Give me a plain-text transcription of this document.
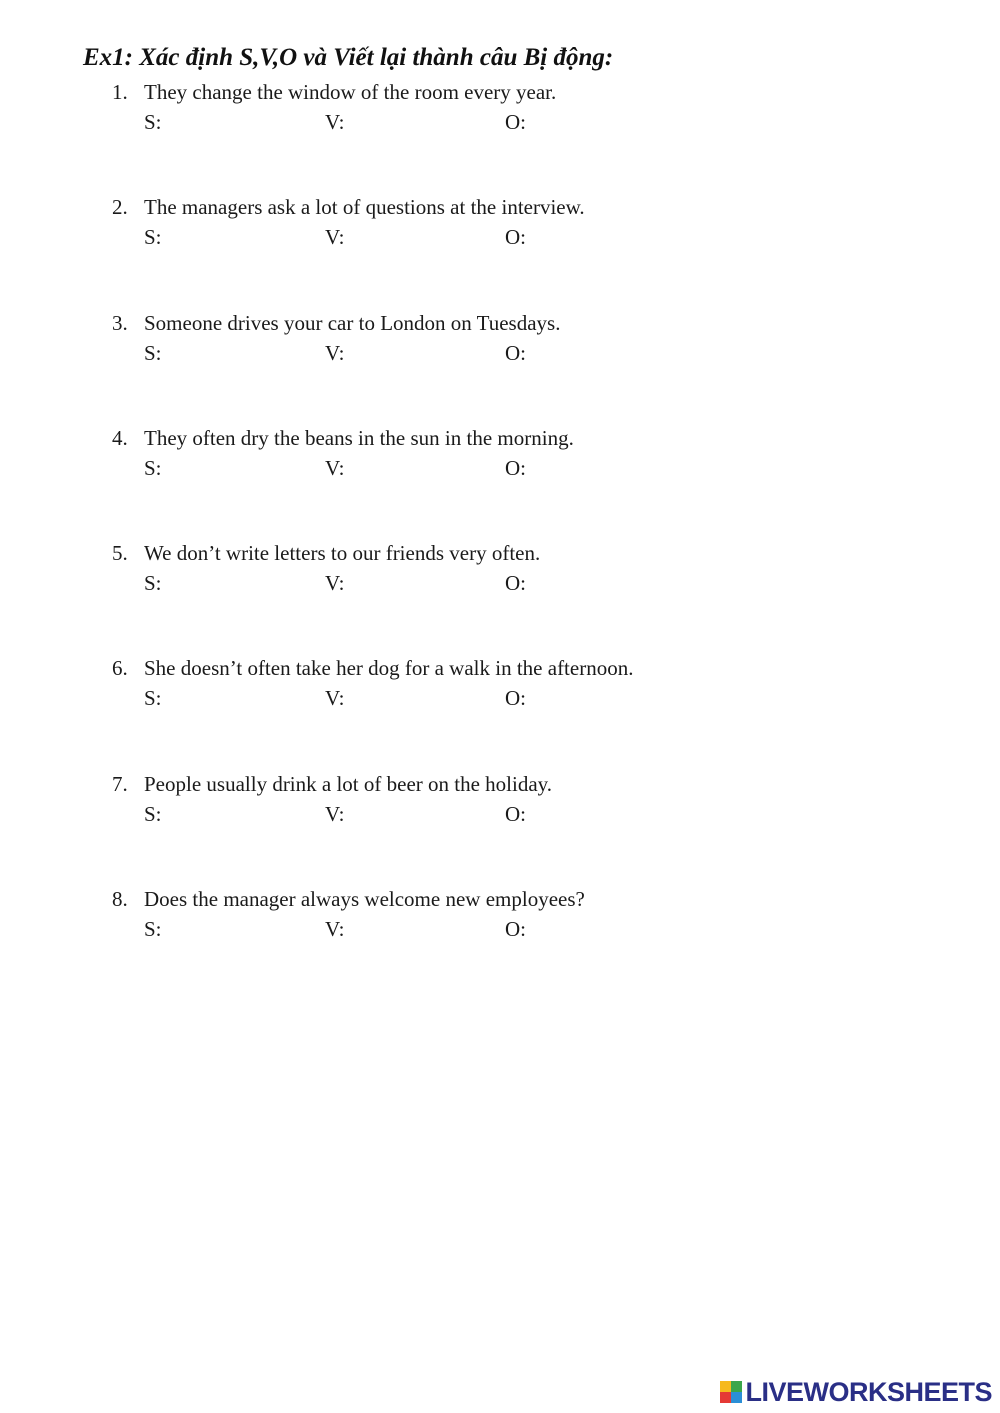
Ex1: Xác định S,V,O và Viết lại thành câu Bị động:
1. They change the window of the room every year.
S:	V:	O:
2. The managers ask a lot of questions at the interview.
S:	V:	O:
3. Someone drives your car to London on Tuesdays.
S:	V:	O:
4. They often dry the beans in the sun in the morning.
S:	V:	O:
5. We don’t write letters to our friends very often.
S:	V:	O:
6. She doesn’t often take her dog for a walk in the afternoon.
S:	V:	O:
7. People usually drink a lot of beer on the holiday.
S:	V:	O:
8. Does the manager always welcome new employees?
S:	V:	O:
LIVEWORKSHEETS
